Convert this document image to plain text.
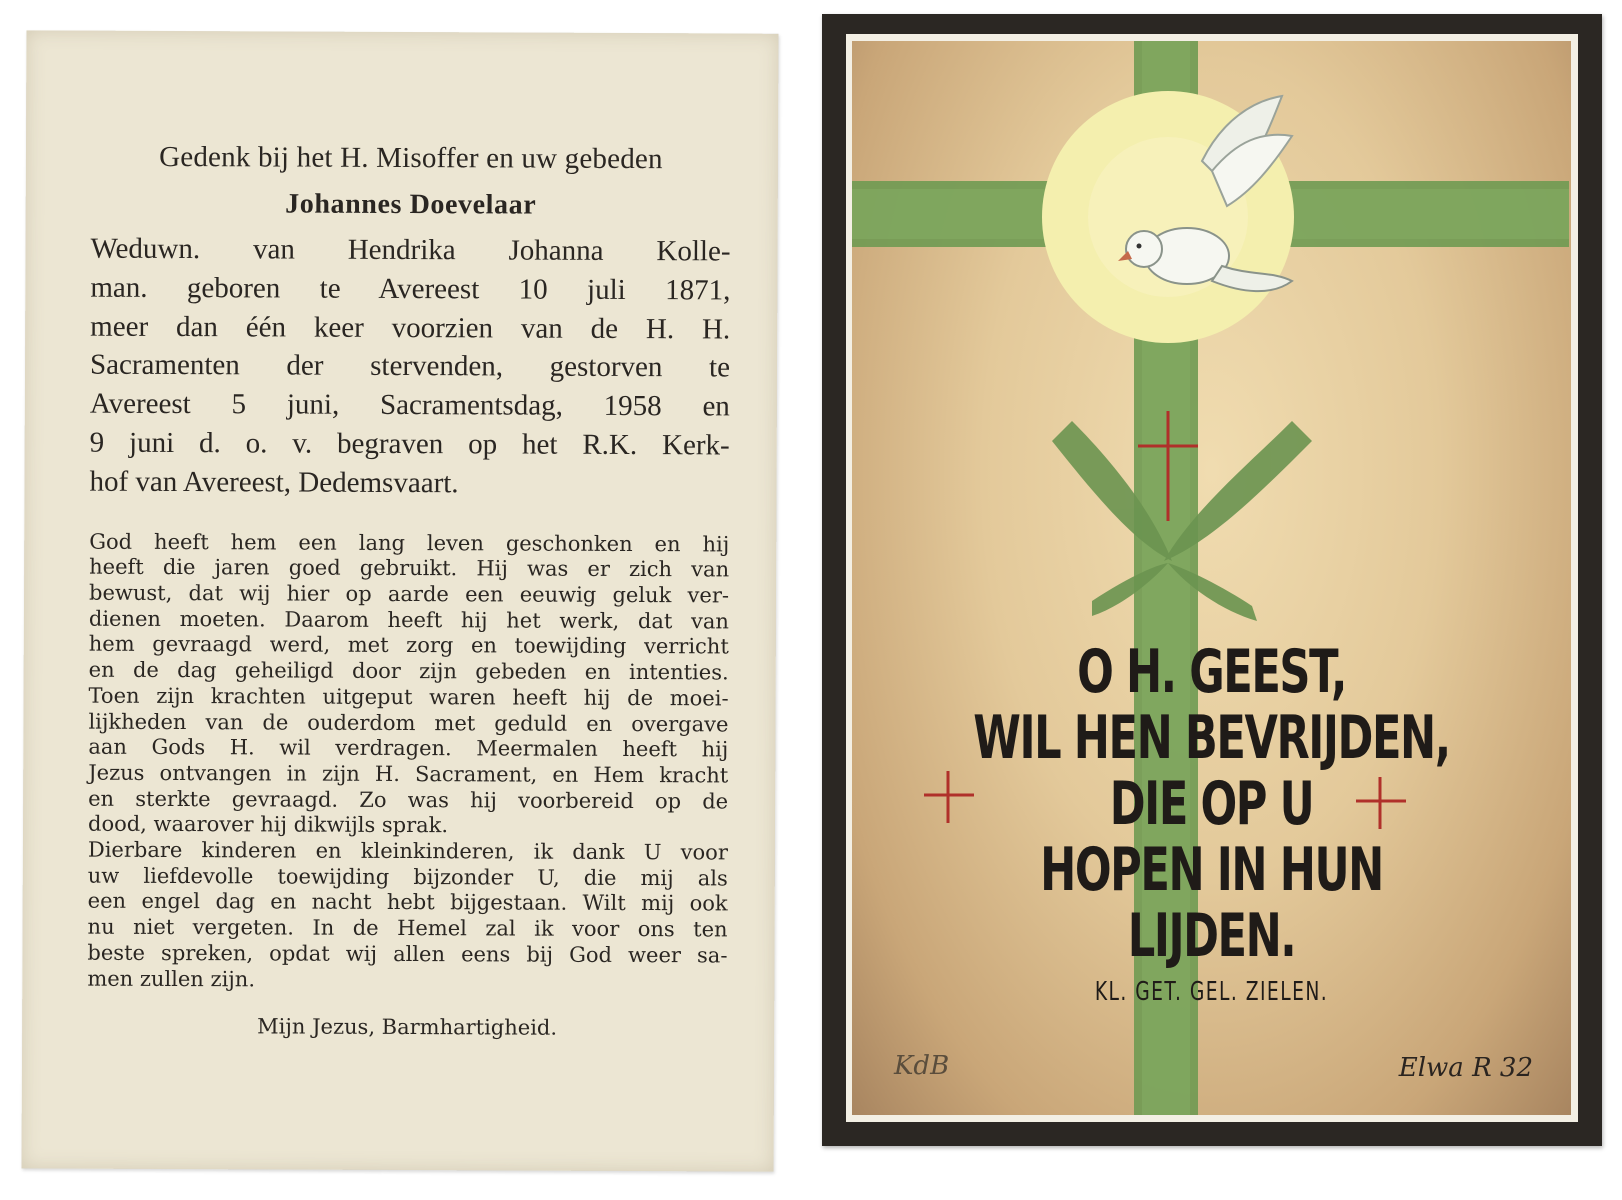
Gedenk bij het H. Misoffer en uw gebeden

Johannes Doevelaar

Weduwn. van Hendrika Johanna Kolle-
man. geboren te Avereest 10 juli 1871,
meer dan één keer voorzien van de H. H.
Sacramenten der stervenden, gestorven te
Avereest 5 juni, Sacramentsdag, 1958 en
9 juni d. o. v. begraven op het R.K. Kerk-
hof van Avereest, Dedemsvaart.

God heeft hem een lang leven geschonken en hij
heeft die jaren goed gebruikt. Hij was er zich van
bewust, dat wij hier op aarde een eeuwig geluk ver-
dienen moeten. Daarom heeft hij het werk, dat van
hem gevraagd werd, met zorg en toewijding verricht
en de dag geheiligd door zijn gebeden en intenties.
Toen zijn krachten uitgeput waren heeft hij de moei-
lijkheden van de ouderdom met geduld en overgave
aan Gods H. wil verdragen. Meermalen heeft hij
Jezus ontvangen in zijn H. Sacrament, en Hem kracht
en sterkte gevraagd. Zo was hij voorbereid op de
dood, waarover hij dikwijls sprak.
Dierbare kinderen en kleinkinderen, ik dank U voor
uw liefdevolle toewijding bijzonder U, die mij als
een engel dag en nacht hebt bijgestaan. Wilt mij ook
nu niet vergeten. In de Hemel zal ik voor ons ten
beste spreken, opdat wij allen eens bij God weer sa-
men zullen zijn.

Mijn Jezus, Barmhartigheid.

O H. GEEST,
WIL HEN BEVRIJDEN,
DIE OP U
HOPEN IN HUN LIJDEN.
KL. GET. GEL. ZIELEN.
KdB	Elwa R 32
